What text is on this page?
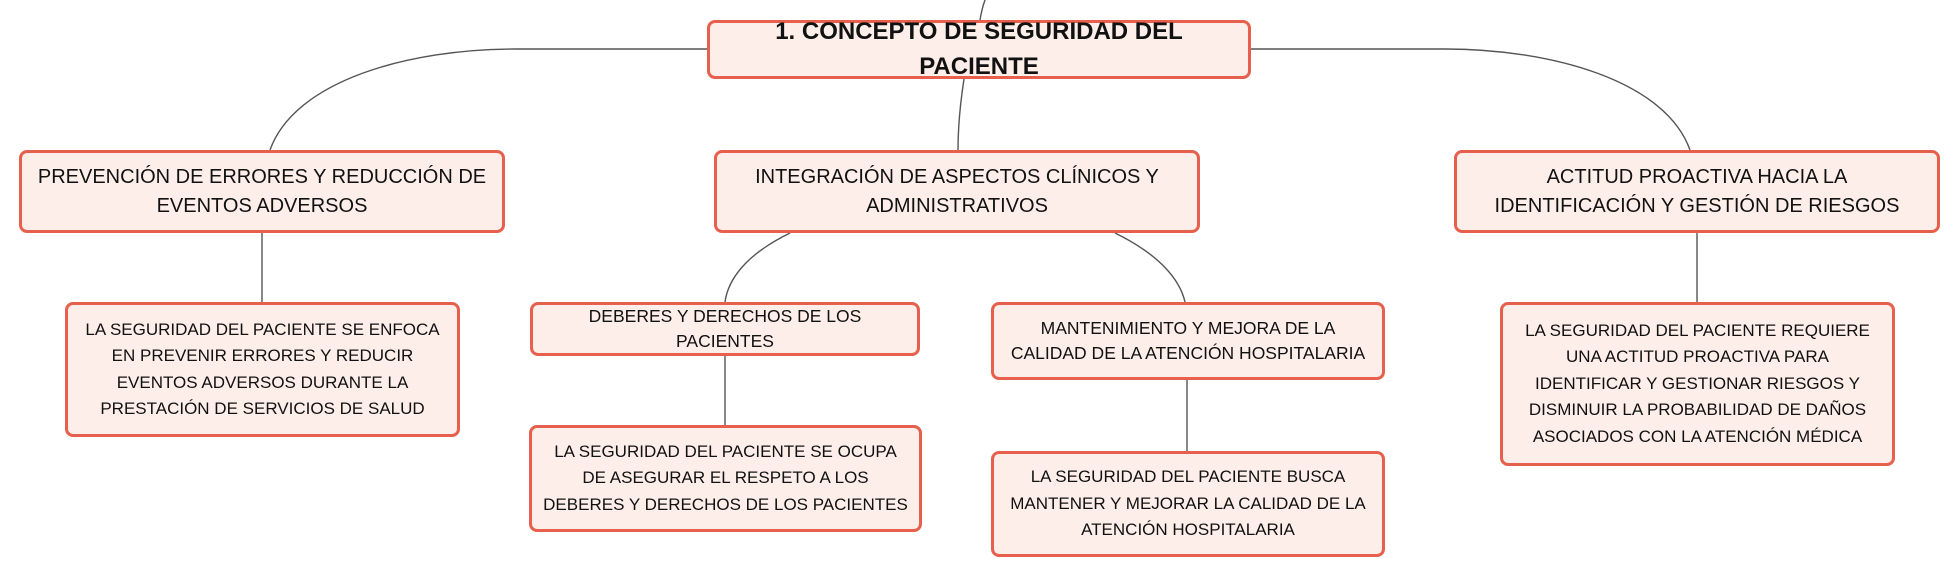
1. CONCEPTO DE SEGURIDAD DEL PACIENTE
PREVENCIÓN DE ERRORES Y REDUCCIÓN DE EVENTOS ADVERSOS
INTEGRACIÓN DE ASPECTOS CLÍNICOS Y ADMINISTRATIVOS
ACTITUD PROACTIVA HACIA LA IDENTIFICACIÓN Y GESTIÓN DE RIESGOS
LA SEGURIDAD DEL PACIENTE SE ENFOCA EN PREVENIR ERRORES Y REDUCIR EVENTOS ADVERSOS DURANTE LA PRESTACIÓN DE SERVICIOS DE SALUD
DEBERES Y DERECHOS DE LOS PACIENTES
MANTENIMIENTO Y MEJORA DE LA CALIDAD DE LA ATENCIÓN HOSPITALARIA
LA SEGURIDAD DEL PACIENTE SE OCUPA DE ASEGURAR EL RESPETO A LOS DEBERES Y DERECHOS DE LOS PACIENTES
LA SEGURIDAD DEL PACIENTE BUSCA MANTENER Y MEJORAR LA CALIDAD DE LA ATENCIÓN HOSPITALARIA
LA SEGURIDAD DEL PACIENTE REQUIERE UNA ACTITUD PROACTIVA PARA IDENTIFICAR Y GESTIONAR RIESGOS Y DISMINUIR LA PROBABILIDAD DE DAÑOS ASOCIADOS CON LA ATENCIÓN MÉDICA
